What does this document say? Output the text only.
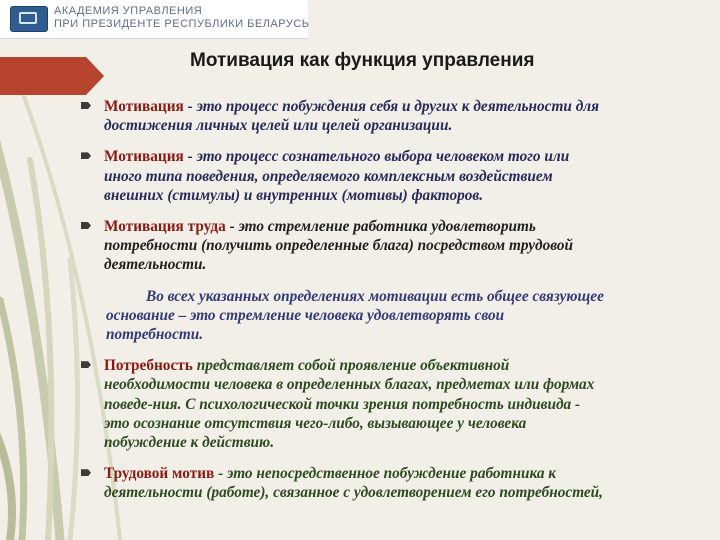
АКАДЕМИЯ УПРАВЛЕНИЯ
ПРИ ПРЕЗИДЕНТЕ РЕСПУБЛИКИ БЕЛАРУСЬ
Мотивация как функция управления
Мотивация - это процесс побуждения себя и других к деятельности для
достижения личных целей или целей организации.
Мотивация - это процесс сознательного выбора человеком того или
иного типа поведения, определяемого комплексным воздействием
внешних (стимулы) и внутренних (мотивы) факторов.
Мотивация труда - это стремление работника удовлетворить
потребности (получить определенные блага) посредством трудовой
деятельности.
Во всех указанных определениях мотивации есть общее связующее
основание – это стремление человека удовлетворять свои
потребности.
Потребность представляет собой проявление объективной
необходимости человека в определенных благах, предметах или формах
поведе-ния. С психологической точки зрения потребность индивида -
это осознание отсутствия чего-либо, вызывающее у человека
побуждение к действию.
Трудовой мотив - это непосредственное побуждение работника к
деятельности (работе), связанное с удовлетворением его потребностей,
